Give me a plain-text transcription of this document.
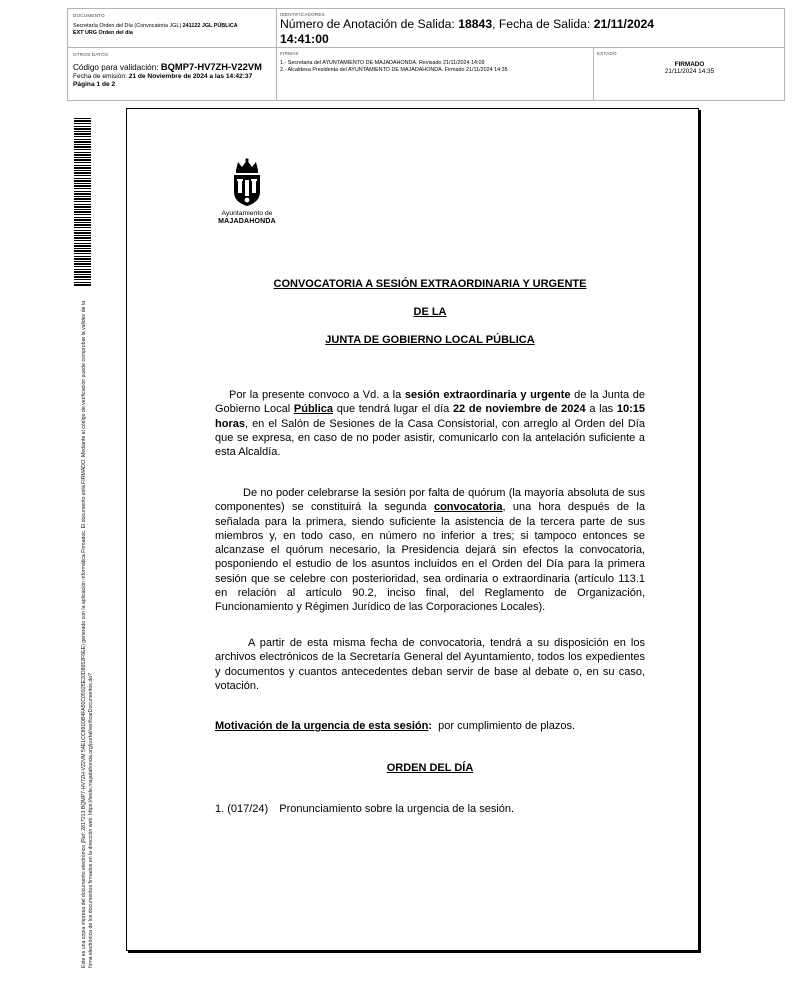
DOCUMENTO
Secretaría Orden del Día (Convocatoria JGL) 241122 JGL PÚBLICA
EXT URG Orden del día
IDENTIFICADORES
Número de Anotación de Salida: 18843, Fecha de Salida: 21/11/2024
14:41:00
OTROS DATOS
Código para validación: BQMP7-HV7ZH-V22VM
Fecha de emisión: 21 de Noviembre de 2024 a las 14:42:37
Página 1 de 2
FIRMAS
1.- Secretaria del AYUNTAMIENTO DE MAJADAHONDA. Revisado 21/11/2024 14:09
2.- Alcaldesa Presidenta del AYUNTAMIENTO DE MAJADAHONDA. Firmado 21/11/2024 14:35
ESTADO
FIRMADO
21/11/2024 14:35
Este es una copia impresa del documento electrónico (Ref: 2817213 BQMP7-HV7ZH-V22VM 54E1CC891DB4FA50C05925E20D8652F6EE) generado con la aplicación informática Firmadoc. El documento está FIRMADO. Mediante el código de verificación puede comprobar la validez de la firma electrónica de los documentos firmados en la dirección web: https://sede.majadahonda.org/portal/verificarDocumentos.do?
Ayuntamiento de
MAJADAHONDA
CONVOCATORIA A SESIÓN EXTRAORDINARIA Y URGENTE
DE LA
JUNTA DE GOBIERNO LOCAL PÚBLICA
Por la presente convoco a Vd. a la sesión extraordinaria y urgente de la Junta de Gobierno Local Pública que tendrá lugar el día 22 de noviembre de 2024 a las 10:15 horas, en el Salón de Sesiones de la Casa Consistorial, con arreglo al Orden del Día que se expresa, en caso de no poder asistir, comunicarlo con la antelación suficiente a esta Alcaldía.
De no poder celebrarse la sesión por falta de quórum (la mayoría absoluta de sus componentes) se constituirá la segunda convocatoria, una hora después de la señalada para la primera, siendo suficiente la asistencia de la tercera parte de sus miembros y, en todo caso, en número no inferior a tres; si tampoco entonces se alcanzase el quórum necesario, la Presidencia dejará sin efectos la convocatoria, posponiendo el estudio de los asuntos incluidos en el Orden del Día para la primera sesión que se celebre con posterioridad, sea ordinaria o extraordinaria (artículo 113.1 en relación al artículo 90.2, inciso final, del Reglamento de Organización, Funcionamiento y Régimen Jurídico de las Corporaciones Locales).
A partir de esta misma fecha de convocatoria, tendrá a su disposición en los archivos electrónicos de la Secretaría General del Ayuntamiento, todos los expedientes y documentos y cuantos antecedentes deban servir de base al debate o, en su caso, votación.
Motivación de la urgencia de esta sesión:  por cumplimiento de plazos.
ORDEN DEL DÍA
1. (017/24) Pronunciamiento sobre la urgencia de la sesión.
